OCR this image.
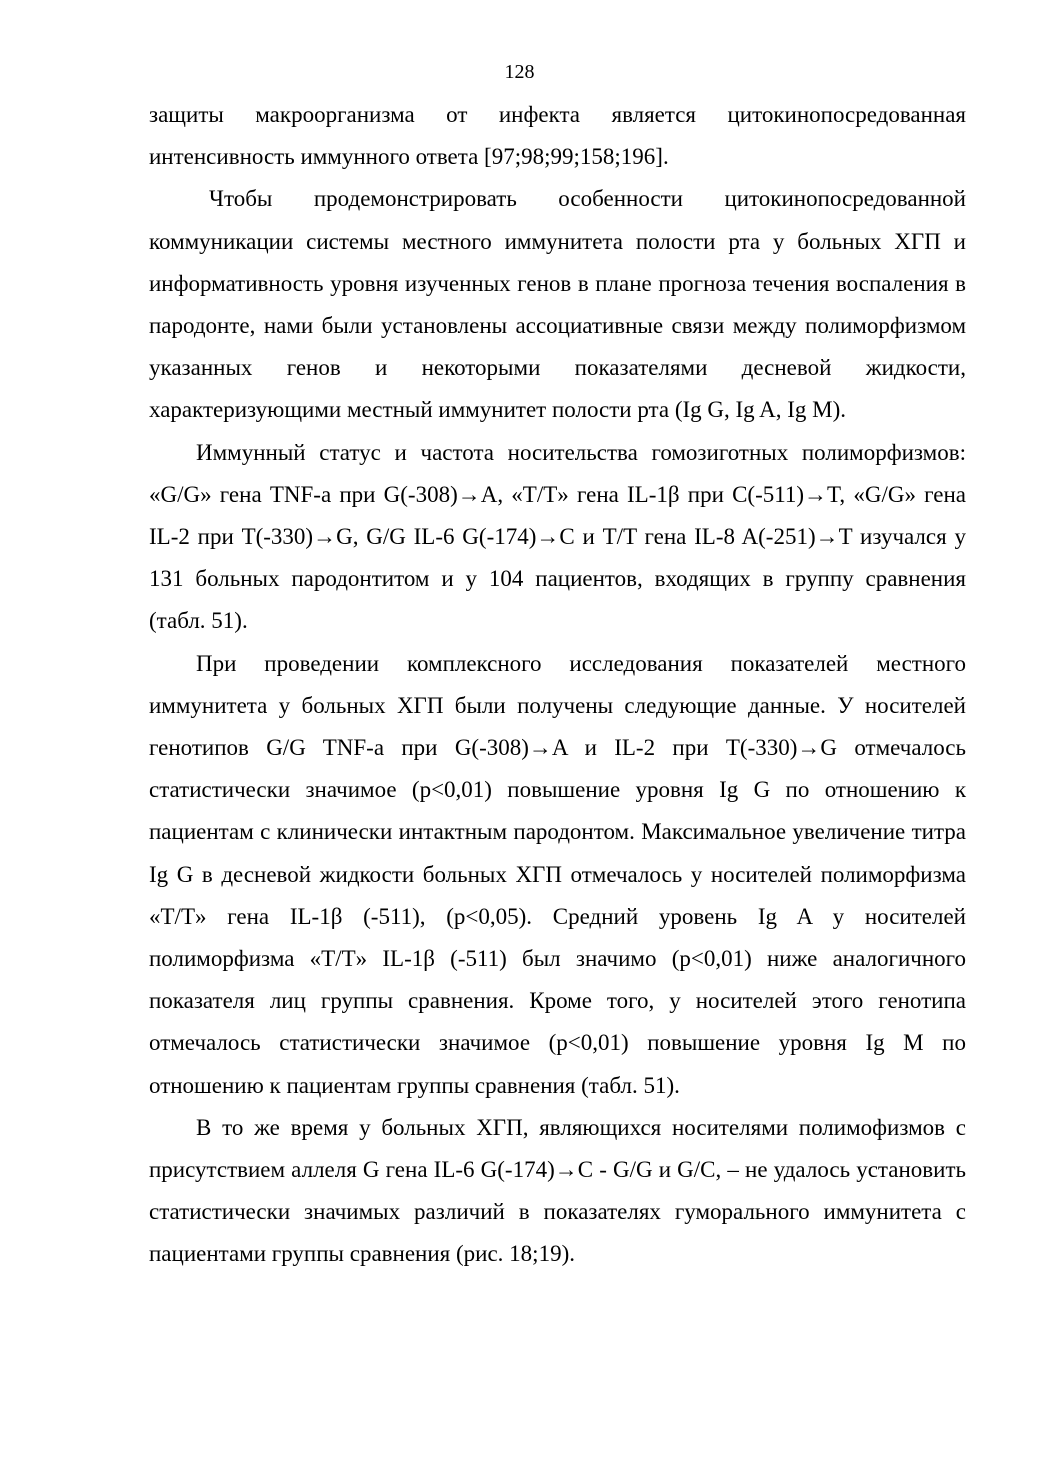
128

защиты макроорганизма от инфекта является цитокинопосредованная интенсивность иммунного ответа [97;98;99;158;196].

Чтобы продемонстрировать особенности цитокинопосредованной коммуникации системы местного иммунитета полости рта у больных ХГП и информативность уровня изученных генов в плане прогноза течения воспаления в пародонте, нами были установлены ассоциативные связи между полиморфизмом указанных генов и некоторыми показателями десневой жидкости, характеризующими местный иммунитет полости рта (Ig G, Ig A, Ig M).

Иммунный статус и частота носительства гомозиготных полиморфизмов: «G/G» гена TNF-a при G(-308)→A, «T/T» гена IL-1β при C(-511)→T, «G/G» гена IL-2 при T(-330)→G, G/G IL-6 G(-174)→C и T/T гена IL-8 A(-251)→T изучался у 131 больных пародонтитом и у 104 пациентов, входящих в группу сравнения (табл. 51).

При проведении комплексного исследования показателей местного иммунитета у больных ХГП были получены следующие данные. У носителей генотипов G/G TNF-a при G(-308)→A и IL-2 при T(-330)→G отмечалось статистически значимое (p<0,01) повышение уровня Ig G по отношению к пациентам с клинически интактным пародонтом. Максимальное увеличение титра Ig G в десневой жидкости больных ХГП отмечалось у носителей полиморфизма «T/T» гена IL-1β (-511), (p<0,05). Средний уровень Ig A у носителей полиморфизма «T/T» IL-1β (-511) был значимо (p<0,01) ниже аналогичного показателя лиц группы сравнения. Кроме того, у носителей этого генотипа отмечалось статистически значимое (p<0,01) повышение уровня Ig M по отношению к пациентам группы сравнения (табл. 51).

В то же время у больных ХГП, являющихся носителями полимофизмов с присутствием аллеля G гена IL-6 G(-174)→C - G/G и G/C, – не удалось установить статистически значимых различий в показателях гуморального иммунитета с пациентами группы сравнения (рис. 18;19).
